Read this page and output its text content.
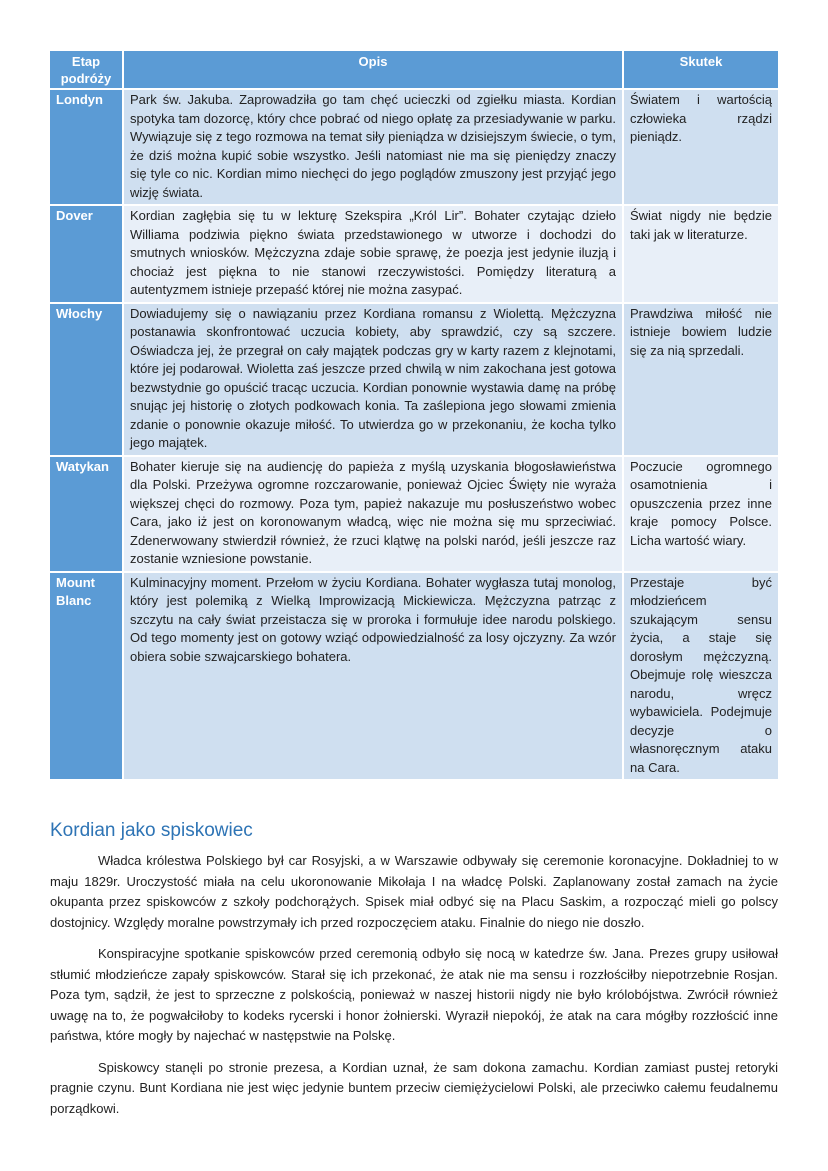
Etap podróży	Opis	Skutek
Londyn	Park św. Jakuba. Zaprowadziła go tam chęć ucieczki od zgiełku miasta. Kordian spotyka tam dozorcę, który chce pobrać od niego opłatę za przesiadywanie w parku. Wywiązuje się z tego rozmowa na temat siły pieniądza w dzisiejszym świecie, o tym, że dziś można kupić sobie wszystko. Jeśli natomiast nie ma się pieniędzy znaczy się tyle co nic. Kordian mimo niechęci do jego poglądów zmuszony jest przyjąć jego wizję świata.	Światem i wartością człowieka rządzi pieniądz.
Dover	Kordian zagłębia się tu w lekturę Szekspira „Król Lir”. Bohater czytając dzieło Williama podziwia piękno świata przedstawionego w utworze i dochodzi do smutnych wniosków. Mężczyzna zdaje sobie sprawę, że poezja jest jedynie iluzją i chociaż jest piękna to nie stanowi rzeczywistości. Pomiędzy literaturą a autentyzmem istnieje przepaść której nie można zasypać.	Świat nigdy nie będzie taki jak w literaturze.
Włochy	Dowiadujemy się o nawiązaniu przez Kordiana romansu z Wiolettą. Mężczyzna postanawia skonfrontować uczucia kobiety, aby sprawdzić, czy są szczere. Oświadcza jej, że przegrał on cały majątek podczas gry w karty razem z klejnotami, które jej podarował. Wioletta zaś jeszcze przed chwilą w nim zakochana jest gotowa bezwstydnie go opuścić tracąc uczucia. Kordian ponownie wystawia damę na próbę snując jej historię o złotych podkowach konia. Ta zaślepiona jego słowami zmienia zdanie o ponownie okazuje miłość. To utwierdza go w przekonaniu, że kocha tylko jego majątek.	Prawdziwa miłość nie istnieje bowiem ludzie się za nią sprzedali.
Watykan	Bohater kieruje się na audiencję do papieża z myślą uzyskania błogosławieństwa dla Polski. Przeżywa ogromne rozczarowanie, ponieważ Ojciec Święty nie wyraża większej chęci do rozmowy. Poza tym, papież nakazuje mu posłuszeństwo wobec Cara, jako iż jest on koronowanym władcą, więc nie można się mu sprzeciwiać. Zdenerwowany stwierdził również, że rzuci klątwę na polski naród, jeśli jeszcze raz zostanie wzniesione powstanie.	Poczucie ogromnego osamotnienia i opuszczenia przez inne kraje pomocy Polsce. Licha wartość wiary.
Mount Blanc	Kulminacyjny moment. Przełom w życiu Kordiana. Bohater wygłasza tutaj monolog, który jest polemiką z Wielką Improwizacją Mickiewicza. Mężczyzna patrząc z szczytu na cały świat przeistacza się w proroka i formułuje idee narodu polskiego. Od tego momenty jest on gotowy wziąć odpowiedzialność za losy ojczyzny. Za wzór obiera sobie szwajcarskiego bohatera.	Przestaje być młodzieńcem szukającym sensu życia, a staje się dorosłym mężczyzną. Obejmuje rolę wieszcza narodu, wręcz wybawiciela. Podejmuje decyzje o własnoręcznym ataku na Cara.
Kordian jako spiskowiec

Władca królestwa Polskiego był car Rosyjski, a w Warszawie odbywały się ceremonie koronacyjne. Dokładniej to w maju 1829r. Uroczystość miała na celu ukoronowanie Mikołaja I na władcę Polski. Zaplanowany został zamach na życie okupanta przez spiskowców z szkoły podchorążych. Spisek miał odbyć się na Placu Saskim, a rozpocząć mieli go polscy dostojnicy. Względy moralne powstrzymały ich przed rozpoczęciem ataku. Finalnie do niego nie doszło.

Konspiracyjne spotkanie spiskowców przed ceremonią odbyło się nocą w katedrze św. Jana. Prezes grupy usiłował stłumić młodzieńcze zapały spiskowców. Starał się ich przekonać, że atak nie ma sensu i rozzłościłby niepotrzebnie Rosjan. Poza tym, sądził, że jest to sprzeczne z polskością, ponieważ w naszej historii nigdy nie było królobójstwa. Zwrócił również uwagę na to, że pogwałciłoby to kodeks rycerski i honor żołnierski. Wyraził niepokój, że atak na cara mógłby rozzłościć inne państwa, które mogły by najechać w następstwie na Polskę.

Spiskowcy stanęli po stronie prezesa, a Kordian uznał, że sam dokona zamachu. Kordian zamiast pustej retoryki pragnie czynu. Bunt Kordiana nie jest więc jedynie buntem przeciw ciemiężycielowi Polski, ale przeciwko całemu feudalnemu porządkowi.
